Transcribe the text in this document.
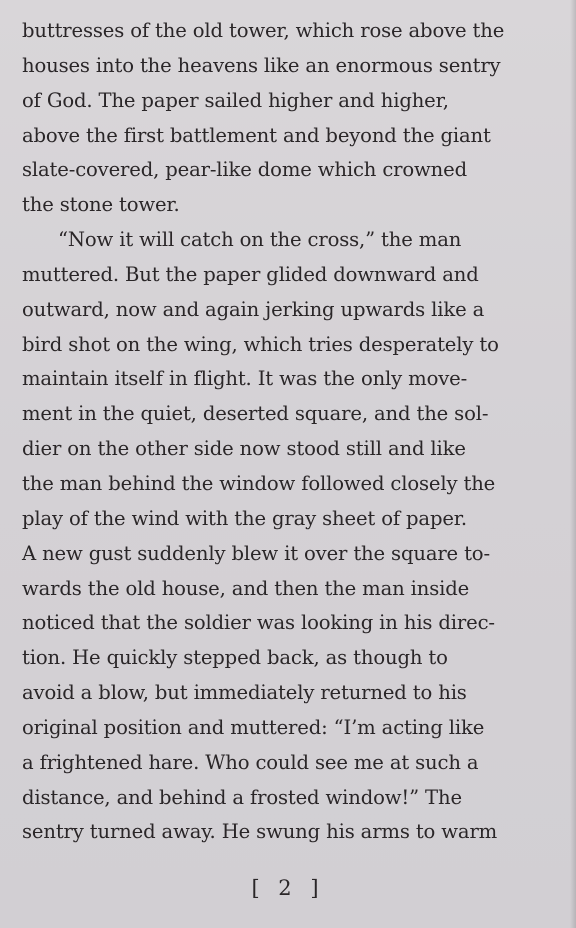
buttresses of the old tower, which rose above the
houses into the heavens like an enormous sentry
of God. The paper sailed higher and higher,
above the first battlement and beyond the giant
slate-covered, pear-like dome which crowned
the stone tower.
“Now it will catch on the cross,” the man
muttered. But the paper glided downward and
outward, now and again jerking upwards like a
bird shot on the wing, which tries desperately to
maintain itself in flight. It was the only move-
ment in the quiet, deserted square, and the sol-
dier on the other side now stood still and like
the man behind the window followed closely the
play of the wind with the gray sheet of paper.
A new gust suddenly blew it over the square to-
wards the old house, and then the man inside
noticed that the soldier was looking in his direc-
tion. He quickly stepped back, as though to
avoid a blow, but immediately returned to his
original position and muttered: “I’m acting like
a frightened hare. Who could see me at such a
distance, and behind a frosted window!” The
sentry turned away. He swung his arms to warm
[ 2 ]
